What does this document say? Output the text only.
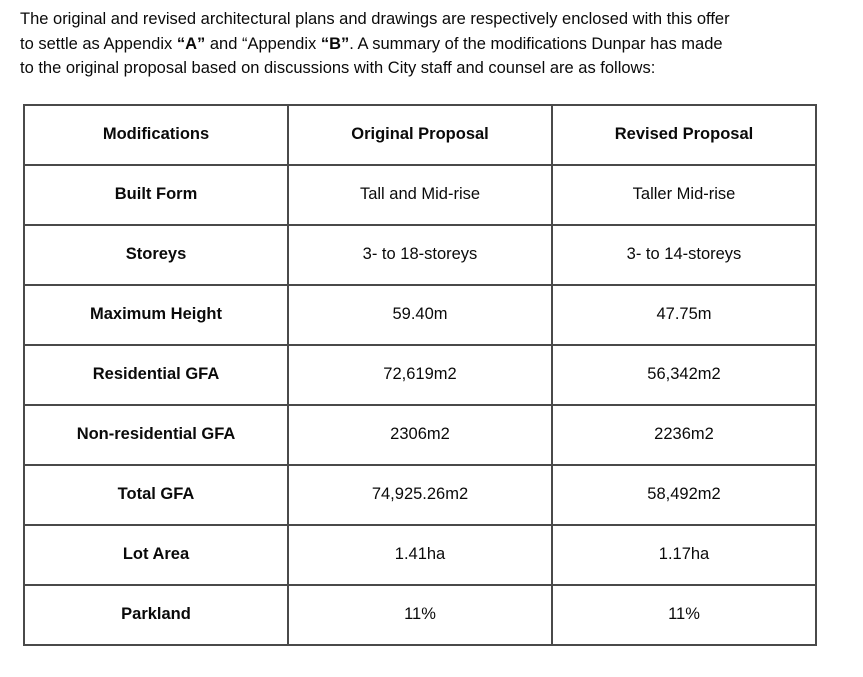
The original and revised architectural plans and drawings are respectively enclosed with this offer
to settle as Appendix “A” and “Appendix “B”. A summary of the modifications Dunpar has made
to the original proposal based on discussions with City staff and counsel are as follows:
Modifications	Original Proposal	Revised Proposal
Built Form	Tall and Mid-rise	Taller Mid-rise
Storeys	3- to 18-storeys	3- to 14-storeys
Maximum Height	59.40m	47.75m
Residential GFA	72,619m2	56,342m2
Non-residential GFA	2306m2	2236m2
Total GFA	74,925.26m2	58,492m2
Lot Area	1.41ha	1.17ha
Parkland	11%	11%
